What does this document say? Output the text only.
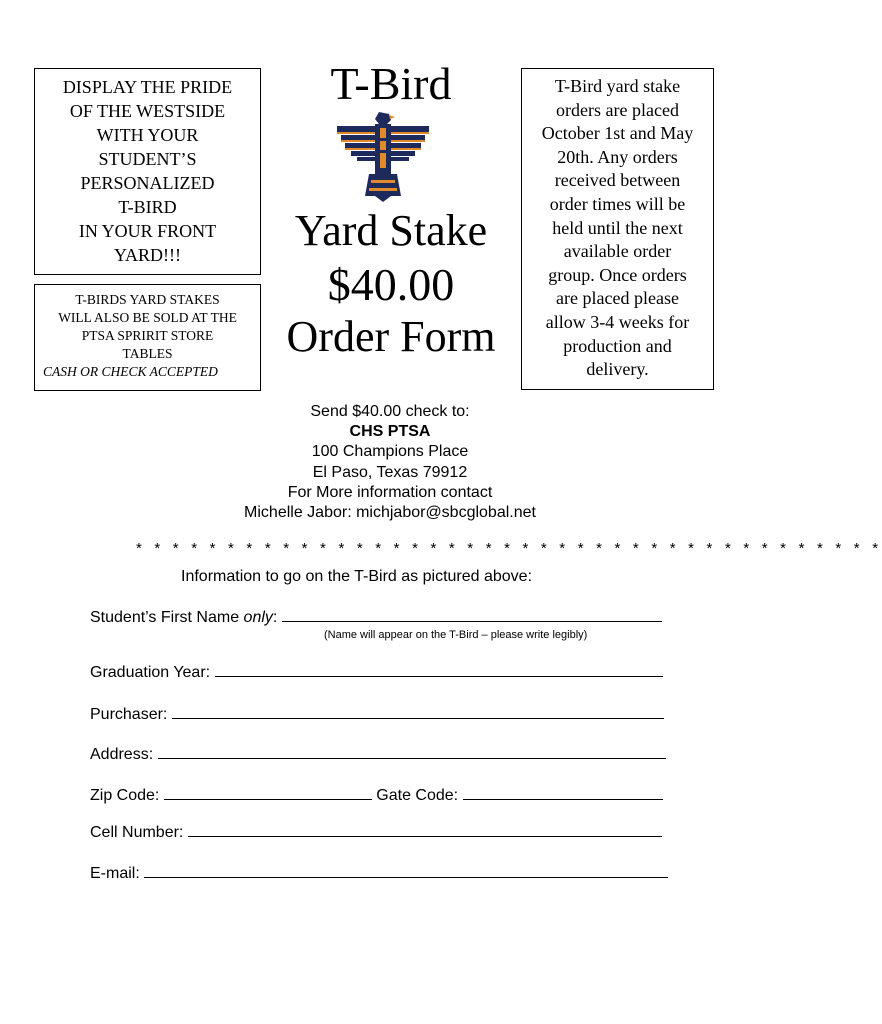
DISPLAY THE PRIDE
OF THE WESTSIDE
WITH YOUR
STUDENT’S
PERSONALIZED
T-BIRD
IN YOUR FRONT
YARD!!!
T-BIRDS YARD STAKES
WILL ALSO BE SOLD AT THE
PTSA SPRIRIT STORE
TABLES
CASH OR CHECK ACCEPTED
T-Bird yard stake
orders are placed
October 1st and May
20th. Any orders
received between
order times will be
held until the next
available order
group. Once orders
are placed please
allow 3-4 weeks for
production and
delivery.
T-Bird
Yard Stake
$40.00
Order Form
Send $40.00 check to:
CHS PTSA
100 Champions Place
El Paso, Texas 79912
For More information contact
Michelle Jabor: michjabor@sbcglobal.net
* * * * * * * * * * * * * * * * * * * * * * * * * * * * * * * * * * * * * * * * *
Information to go on the T-Bird as pictured above:
Student’s First Name only:
(Name will appear on the T-Bird – please write legibly)
Graduation Year:
Purchaser:
Address:
Zip Code:	Gate Code:
Cell Number:
E-mail:
